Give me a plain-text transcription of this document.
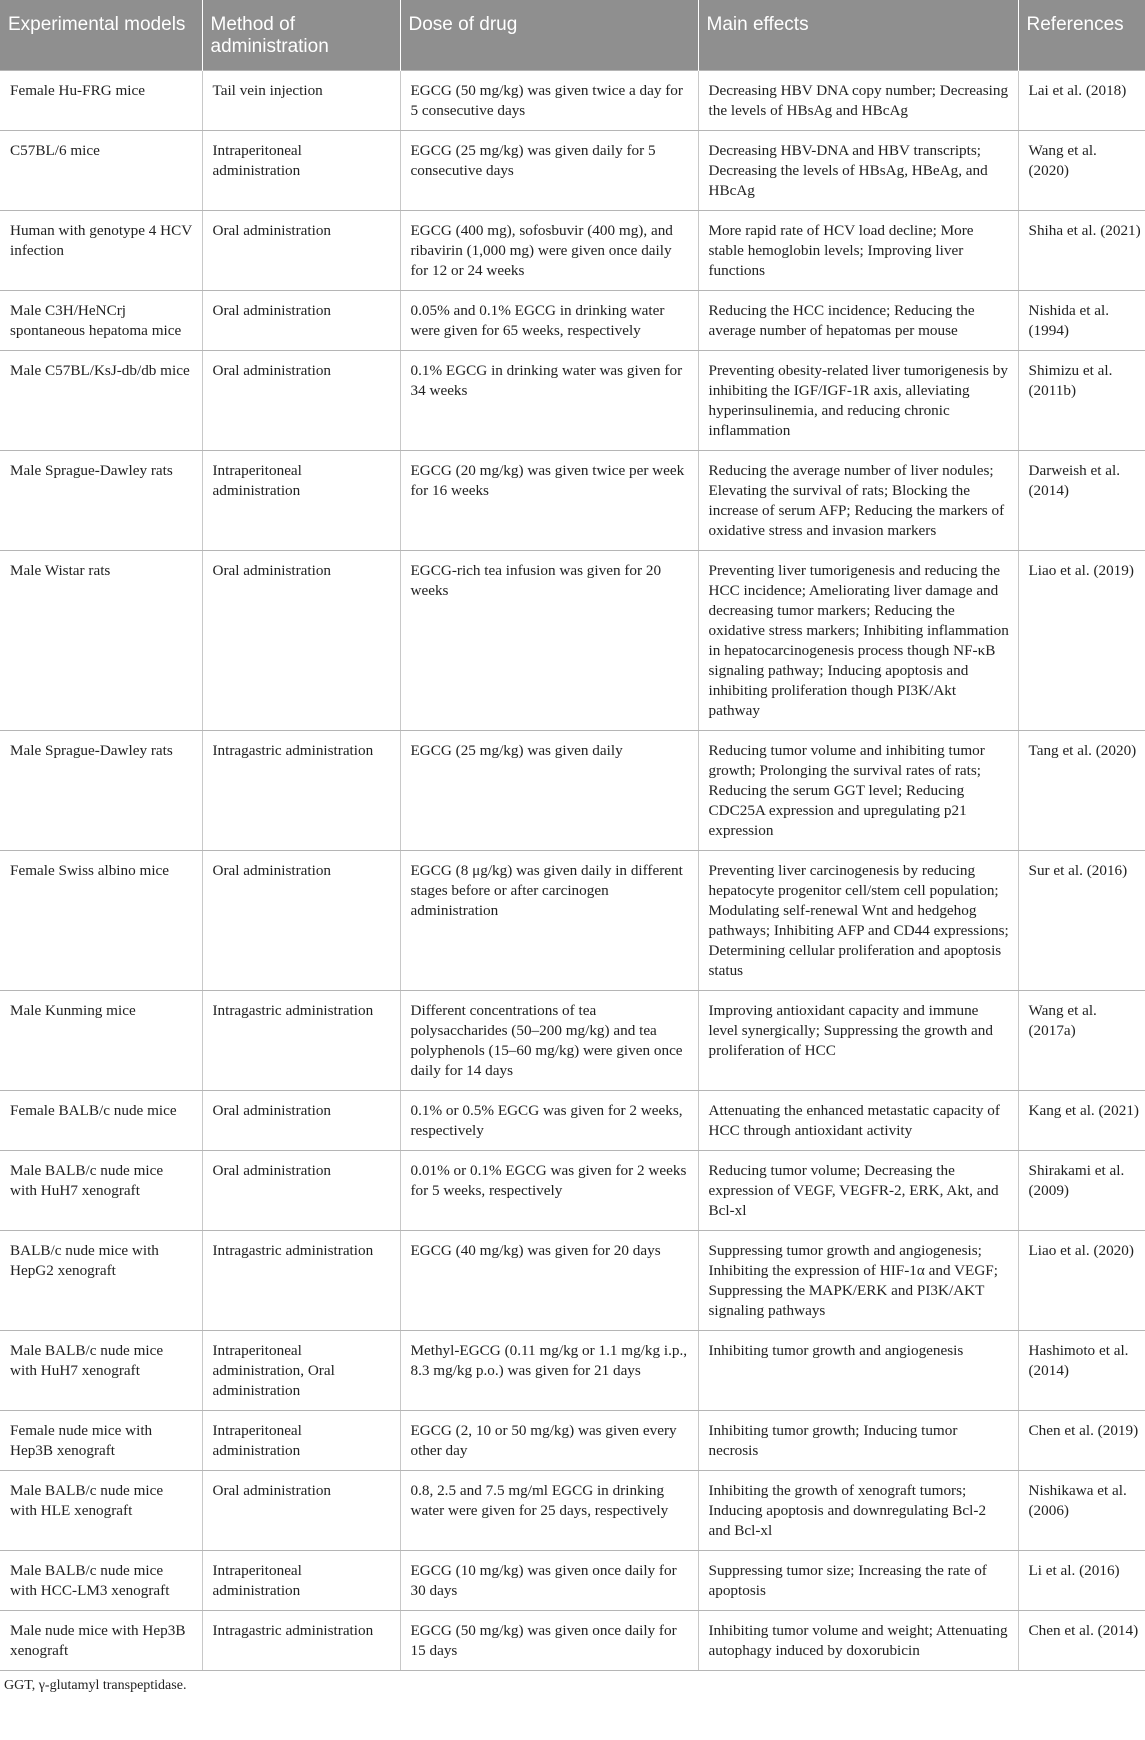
Experimental models	Method of administration	Dose of drug	Main effects	References
Female Hu-FRG mice	Tail vein injection	EGCG (50 mg/kg) was given twice a day for 5 consecutive days	Decreasing HBV DNA copy number; Decreasing the levels of HBsAg and HBcAg	Lai et al. (2018)
C57BL/6 mice	Intraperitoneal administration	EGCG (25 mg/kg) was given daily for 5 consecutive days	Decreasing HBV-DNA and HBV transcripts; Decreasing the levels of HBsAg, HBeAg, and HBcAg	Wang et al. (2020)
Human with genotype 4 HCV infection	Oral administration	EGCG (400 mg), sofosbuvir (400 mg), and ribavirin (1,000 mg) were given once daily for 12 or 24 weeks	More rapid rate of HCV load decline; More stable hemoglobin levels; Improving liver functions	Shiha et al. (2021)
Male C3H/HeNCrj spontaneous hepatoma mice	Oral administration	0.05% and 0.1% EGCG in drinking water were given for 65 weeks, respectively	Reducing the HCC incidence; Reducing the average number of hepatomas per mouse	Nishida et al. (1994)
Male C57BL/KsJ-db/db mice	Oral administration	0.1% EGCG in drinking water was given for 34 weeks	Preventing obesity-related liver tumorigenesis by inhibiting the IGF/IGF-1R axis, alleviating hyperinsulinemia, and reducing chronic inflammation	Shimizu et al. (2011b)
Male Sprague-Dawley rats	Intraperitoneal administration	EGCG (20 mg/kg) was given twice per week for 16 weeks	Reducing the average number of liver nodules; Elevating the survival of rats; Blocking the increase of serum AFP; Reducing the markers of oxidative stress and invasion markers	Darweish et al. (2014)
Male Wistar rats	Oral administration	EGCG-rich tea infusion was given for 20 weeks	Preventing liver tumorigenesis and reducing the HCC incidence; Ameliorating liver damage and decreasing tumor markers; Reducing the oxidative stress markers; Inhibiting inflammation in hepatocarcinogenesis process though NF-κB signaling pathway; Inducing apoptosis and inhibiting proliferation though PI3K/Akt pathway	Liao et al. (2019)
Male Sprague-Dawley rats	Intragastric administration	EGCG (25 mg/kg) was given daily	Reducing tumor volume and inhibiting tumor growth; Prolonging the survival rates of rats; Reducing the serum GGT level; Reducing CDC25A expression and upregulating p21 expression	Tang et al. (2020)
Female Swiss albino mice	Oral administration	EGCG (8 μg/kg) was given daily in different stages before or after carcinogen administration	Preventing liver carcinogenesis by reducing hepatocyte progenitor cell/stem cell population; Modulating self-renewal Wnt and hedgehog pathways; Inhibiting AFP and CD44 expressions; Determining cellular proliferation and apoptosis status	Sur et al. (2016)
Male Kunming mice	Intragastric administration	Different concentrations of tea polysaccharides (50–200 mg/kg) and tea polyphenols (15–60 mg/kg) were given once daily for 14 days	Improving antioxidant capacity and immune level synergically; Suppressing the growth and proliferation of HCC	Wang et al. (2017a)
Female BALB/c nude mice	Oral administration	0.1% or 0.5% EGCG was given for 2 weeks, respectively	Attenuating the enhanced metastatic capacity of HCC through antioxidant activity	Kang et al. (2021)
Male BALB/c nude mice with HuH7 xenograft	Oral administration	0.01% or 0.1% EGCG was given for 2 weeks for 5 weeks, respectively	Reducing tumor volume; Decreasing the expression of VEGF, VEGFR-2, ERK, Akt, and Bcl-xl	Shirakami et al. (2009)
BALB/c nude mice with HepG2 xenograft	Intragastric administration	EGCG (40 mg/kg) was given for 20 days	Suppressing tumor growth and angiogenesis; Inhibiting the expression of HIF-1α and VEGF; Suppressing the MAPK/ERK and PI3K/AKT signaling pathways	Liao et al. (2020)
Male BALB/c nude mice with HuH7 xenograft	Intraperitoneal administration, Oral administration	Methyl-EGCG (0.11 mg/kg or 1.1 mg/kg i.p., 8.3 mg/kg p.o.) was given for 21 days	Inhibiting tumor growth and angiogenesis	Hashimoto et al. (2014)
Female nude mice with Hep3B xenograft	Intraperitoneal administration	EGCG (2, 10 or 50 mg/kg) was given every other day	Inhibiting tumor growth; Inducing tumor necrosis	Chen et al. (2019)
Male BALB/c nude mice with HLE xenograft	Oral administration	0.8, 2.5 and 7.5 mg/ml EGCG in drinking water were given for 25 days, respectively	Inhibiting the growth of xenograft tumors; Inducing apoptosis and downregulating Bcl-2 and Bcl-xl	Nishikawa et al. (2006)
Male BALB/c nude mice with HCC-LM3 xenograft	Intraperitoneal administration	EGCG (10 mg/kg) was given once daily for 30 days	Suppressing tumor size; Increasing the rate of apoptosis	Li et al. (2016)
Male nude mice with Hep3B xenograft	Intragastric administration	EGCG (50 mg/kg) was given once daily for 15 days	Inhibiting tumor volume and weight; Attenuating autophagy induced by doxorubicin	Chen et al. (2014)
GGT, γ-glutamyl transpeptidase.
